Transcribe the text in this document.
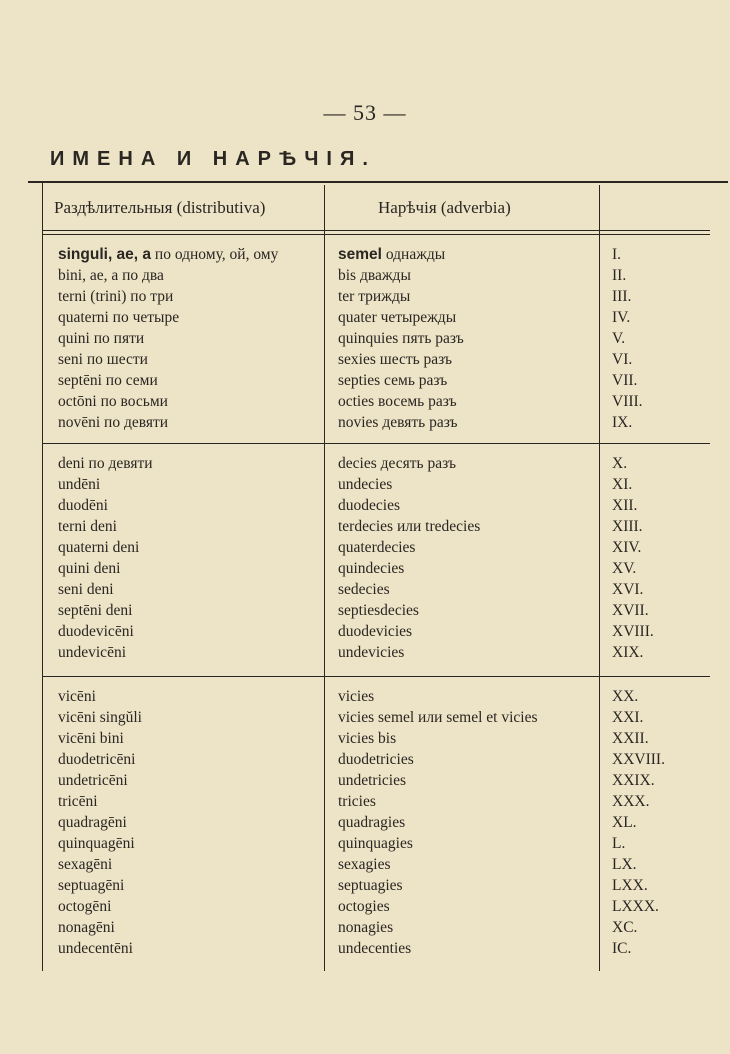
— 53 —
ИМЕНА И НАРѢЧІЯ.
Раздѣлительныя (distributiva)	Нарѣчія (adverbia)
singuli, ae, a по одному, ой, ому	semel однажды	I.
bini, ae, a по два	bis дважды	II.
terni (trini) по три	ter трижды	III.
quaterni по четыре	quater четырежды	IV.
quini по пяти	quinquies пять разъ	V.
seni по шести	sexies шесть разъ	VI.
septēni по семи	septies семь разъ	VII.
octōni по восьми	octies восемь разъ	VIII.
novēni по девяти	novies девять разъ	IX.
deni по девяти	decies десять разъ	X.
undēni	undecies	XI.
duodēni	duodecies	XII.
terni deni	terdecies или tredecies	XIII.
quaterni deni	quaterdecies	XIV.
quini deni	quindecies	XV.
seni deni	sedecies	XVI.
septēni deni	septiesdecies	XVII.
duodevicēni	duodevicies	XVIII.
undevicēni	undevicies	XIX.
vicēni	vicies	XX.
vicēni singŭli	vicies semel или semel et vicies	XXI.
vicēni bini	vicies bis	XXII.
duodetricēni	duodetricies	XXVIII.
undetricēni	undetricies	XXIX.
tricēni	tricies	XXX.
quadragēni	quadragies	XL.
quinquagēni	quinquagies	L.
sexagēni	sexagies	LX.
septuagēni	septuagies	LXX.
octogēni	octogies	LXXX.
nonagēni	nonagies	XC.
undecentēni	undecenties	IC.
